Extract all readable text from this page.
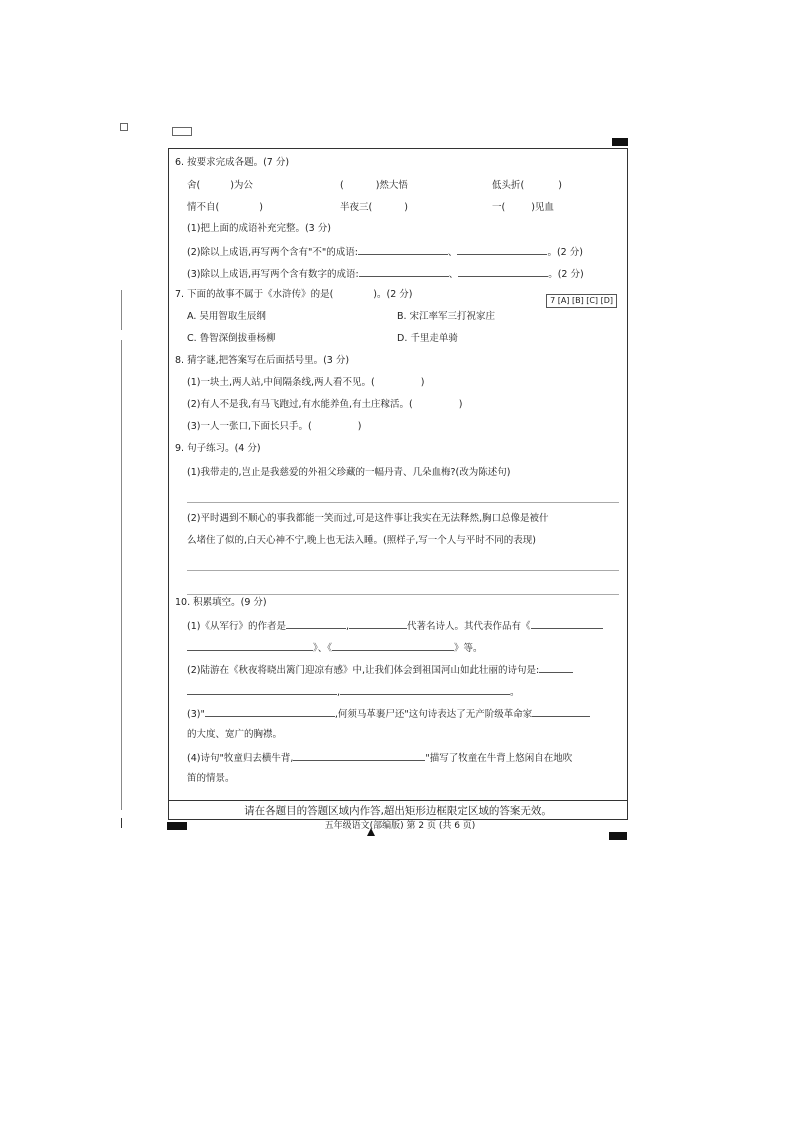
6. 按要求完成各题。(7 分)
舍(	)为公	(	)然大悟	低头折(	)
情不自(	)	半夜三(	)	一(	)见血
(1)把上面的成语补充完整。(3 分)
(2)除以上成语,再写两个含有"不"的成语:	、	。(2 分)
(3)除以上成语,再写两个含有数字的成语:	、	。(2 分)
7. 下面的故事不属于《水浒传》的是(	)。(2 分)
7 [A] [B] [C] [D]
A. 吴用智取生辰纲	B. 宋江率军三打祝家庄
C. 鲁智深倒拔垂杨柳	D. 千里走单骑
8. 猜字谜,把答案写在后面括号里。(3 分)
(1)一块土,两人站,中间隔条线,两人看不见。(	)
(2)有人不是我,有马飞跑过,有水能养鱼,有土庄稼活。(	)
(3)一人一张口,下面长只手。(	)
9. 句子练习。(4 分)
(1)我带走的,岂止是我慈爱的外祖父珍藏的一幅丹青、几朵血梅?(改为陈述句)
(2)平时遇到不顺心的事我都能一笑而过,可是这件事让我实在无法释然,胸口总像是被什
么堵住了似的,白天心神不宁,晚上也无法入睡。(照样子,写一个人与平时不同的表现)
10. 积累填空。(9 分)
(1)《从军行》的作者是	,	代著名诗人。其代表作品有《
》、《	》等。
(2)陆游在《秋夜将晓出篱门迎凉有感》中,让我们体会到祖国河山如此壮丽的诗句是:
,	。
(3)"	,何须马革裹尸还"这句诗表达了无产阶级革命家
的大度、宽广的胸襟。
(4)诗句"牧童归去横牛背,	"描写了牧童在牛背上悠闲自在地吹
笛的情景。
请在各题目的答题区域内作答,超出矩形边框限定区域的答案无效。
五年级语文(部编版) 第 2 页 (共 6 页)
